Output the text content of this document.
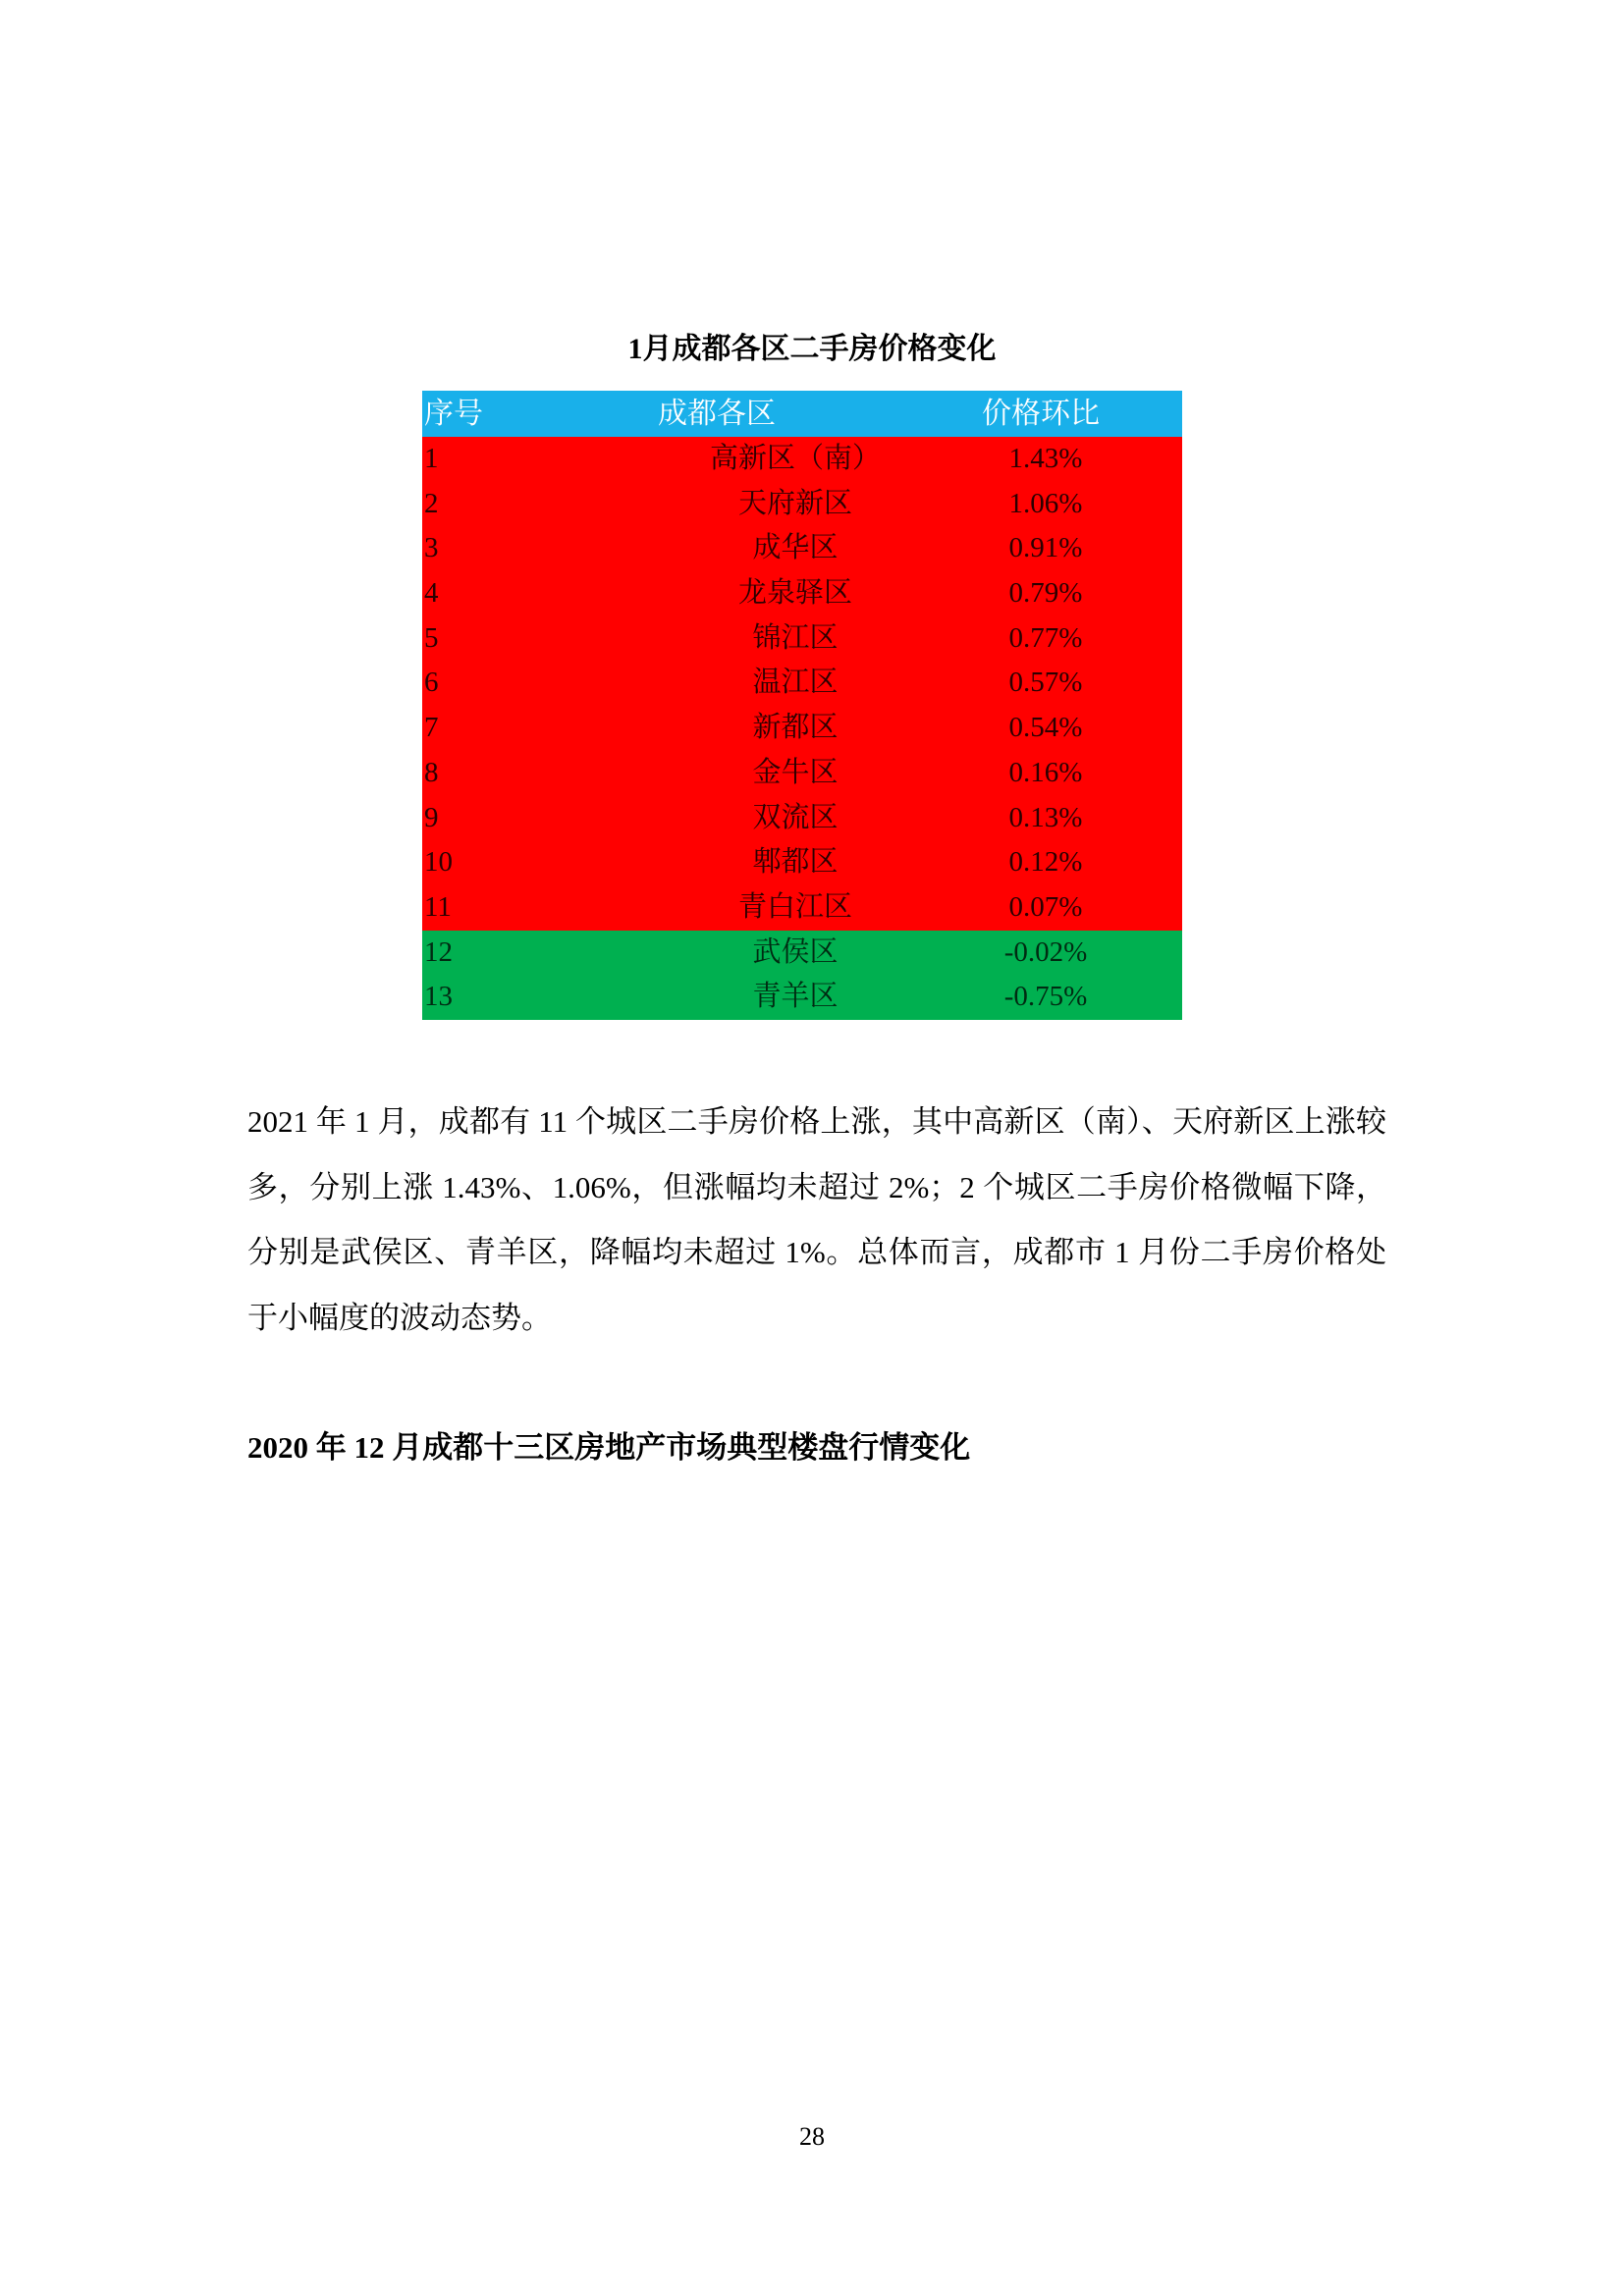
1月成都各区二手房价格变化
序号	成都各区	价格环比
1	高新区（南）	1.43%
2	天府新区	1.06%
3	成华区	0.91%
4	龙泉驿区	0.79%
5	锦江区	0.77%
6	温江区	0.57%
7	新都区	0.54%
8	金牛区	0.16%
9	双流区	0.13%
10	郫都区	0.12%
11	青白江区	0.07%
12	武侯区	-0.02%
13	青羊区	-0.75%
2021 年 1 月，成都有 11 个城区二手房价格上涨，其中高新区（南）、天府新区上涨较多，分别上涨 1.43%、1.06%，但涨幅均未超过 2%；2 个城区二手房价格微幅下降，分别是武侯区、青羊区，降幅均未超过 1%。总体而言，成都市 1 月份二手房价格处于小幅度的波动态势。
2020 年 12 月成都十三区房地产市场典型楼盘行情变化
28
